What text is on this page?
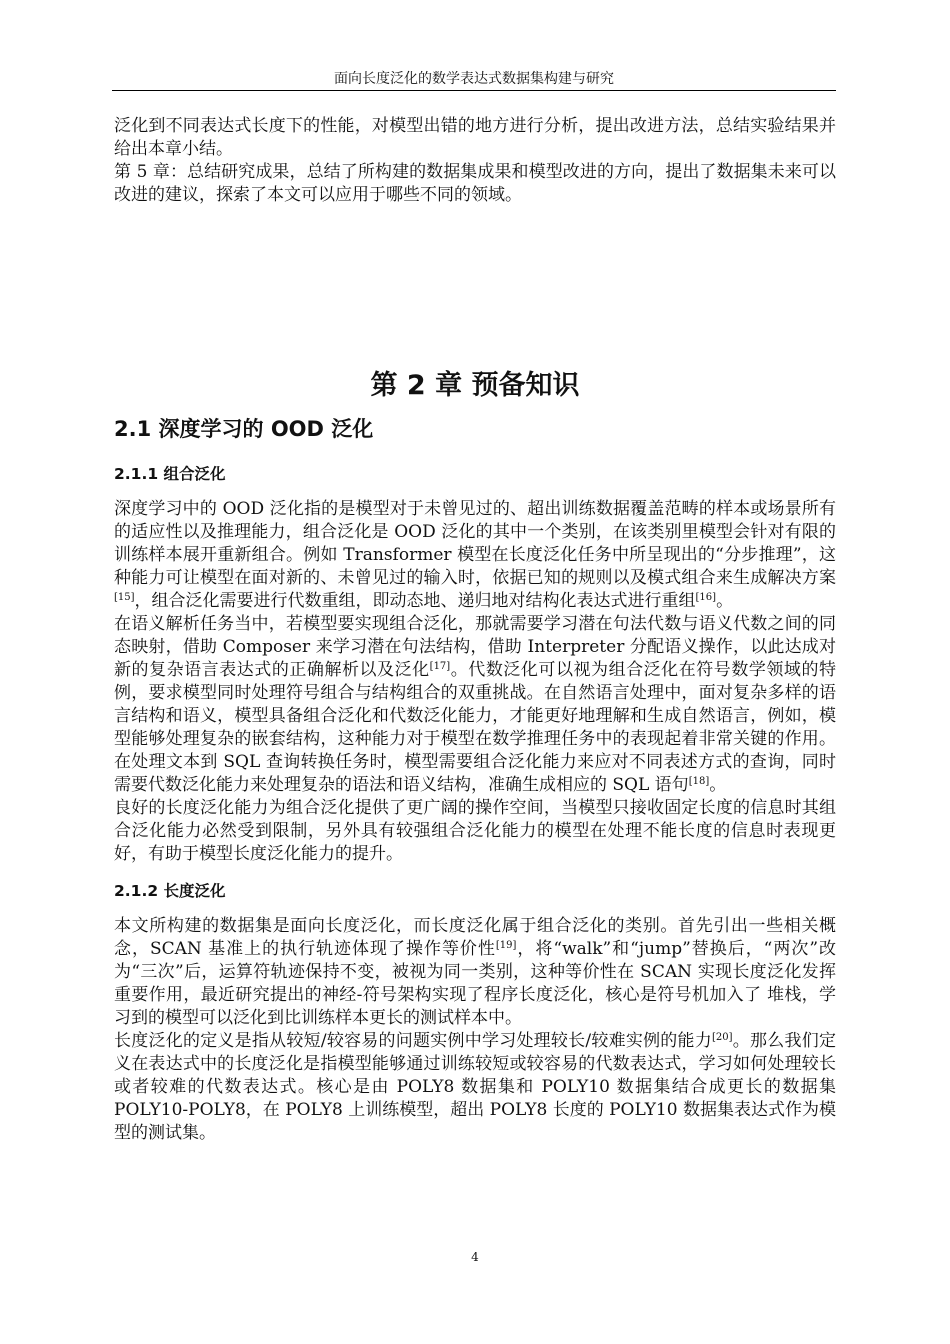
面向长度泛化的数学表达式数据集构建与研究

泛化到不同表达式长度下的性能，对模型出错的地方进行分析，提出改进方法，总结实验结果并给出本章小结。

第 5 章：总结研究成果，总结了所构建的数据集成果和模型改进的方向，提出了数据集未来可以改进的建议，探索了本文可以应用于哪些不同的领域。

第 2 章 预备知识
2.1 深度学习的 OOD 泛化
2.1.1 组合泛化

深度学习中的 OOD 泛化指的是模型对于未曾见过的、超出训练数据覆盖范畴的样本或场景所有的适应性以及推理能力，组合泛化是 OOD 泛化的其中一个类别，在该类别里模型会针对有限的训练样本展开重新组合。例如 Transformer 模型在长度泛化任务中所呈现出的“分步推理”，这种能力可让模型在面对新的、未曾见过的输入时，依据已知的规则以及模式组合来生成解决方案[15]，组合泛化需要进行代数重组，即动态地、递归地对结构化表达式进行重组[16]。

在语义解析任务当中，若模型要实现组合泛化，那就需要学习潜在句法代数与语义代数之间的同态映射，借助 Composer 来学习潜在句法结构，借助 Interpreter 分配语义操作，以此达成对新的复杂语言表达式的正确解析以及泛化[17]。代数泛化可以视为组合泛化在符号数学领域的特例，要求模型同时处理符号组合与结构组合的双重挑战。在自然语言处理中，面对复杂多样的语言结构和语义，模型具备组合泛化和代数泛化能力，才能更好地理解和生成自然语言，例如，模型能够处理复杂的嵌套结构，这种能力对于模型在数学推理任务中的表现起着非常关键的作用。在处理文本到 SQL 查询转换任务时，模型需要组合泛化能力来应对不同表述方式的查询，同时需要代数泛化能力来处理复杂的语法和语义结构，准确生成相应的 SQL 语句[18]。

良好的长度泛化能力为组合泛化提供了更广阔的操作空间，当模型只接收固定长度的信息时其组合泛化能力必然受到限制，另外具有较强组合泛化能力的模型在处理不能长度的信息时表现更好，有助于模型长度泛化能力的提升。

2.1.2 长度泛化

本文所构建的数据集是面向长度泛化，而长度泛化属于组合泛化的类别。首先引出一些相关概念，SCAN 基准上的执行轨迹体现了操作等价性[19]，将“walk”和“jump”替换后，“两次”改为“三次”后，运算符轨迹保持不变，被视为同一类别，这种等价性在 SCAN 实现长度泛化发挥重要作用，最近研究提出的神经-符号架构实现了程序长度泛化，核心是符号机加入了 堆栈，学习到的模型可以泛化到比训练样本更长的测试样本中。

长度泛化的定义是指从较短/较容易的问题实例中学习处理较长/较难实例的能力[20]。那么我们定义在表达式中的长度泛化是指模型能够通过训练较短或较容易的代数表达式，学习如何处理较长或者较难的代数表达式。核心是由 POLY8 数据集和 POLY10 数据集结合成更长的数据集 POLY10-POLY8，在 POLY8 上训练模型，超出 POLY8 长度的 POLY10 数据集表达式作为模型的测试集。

4
